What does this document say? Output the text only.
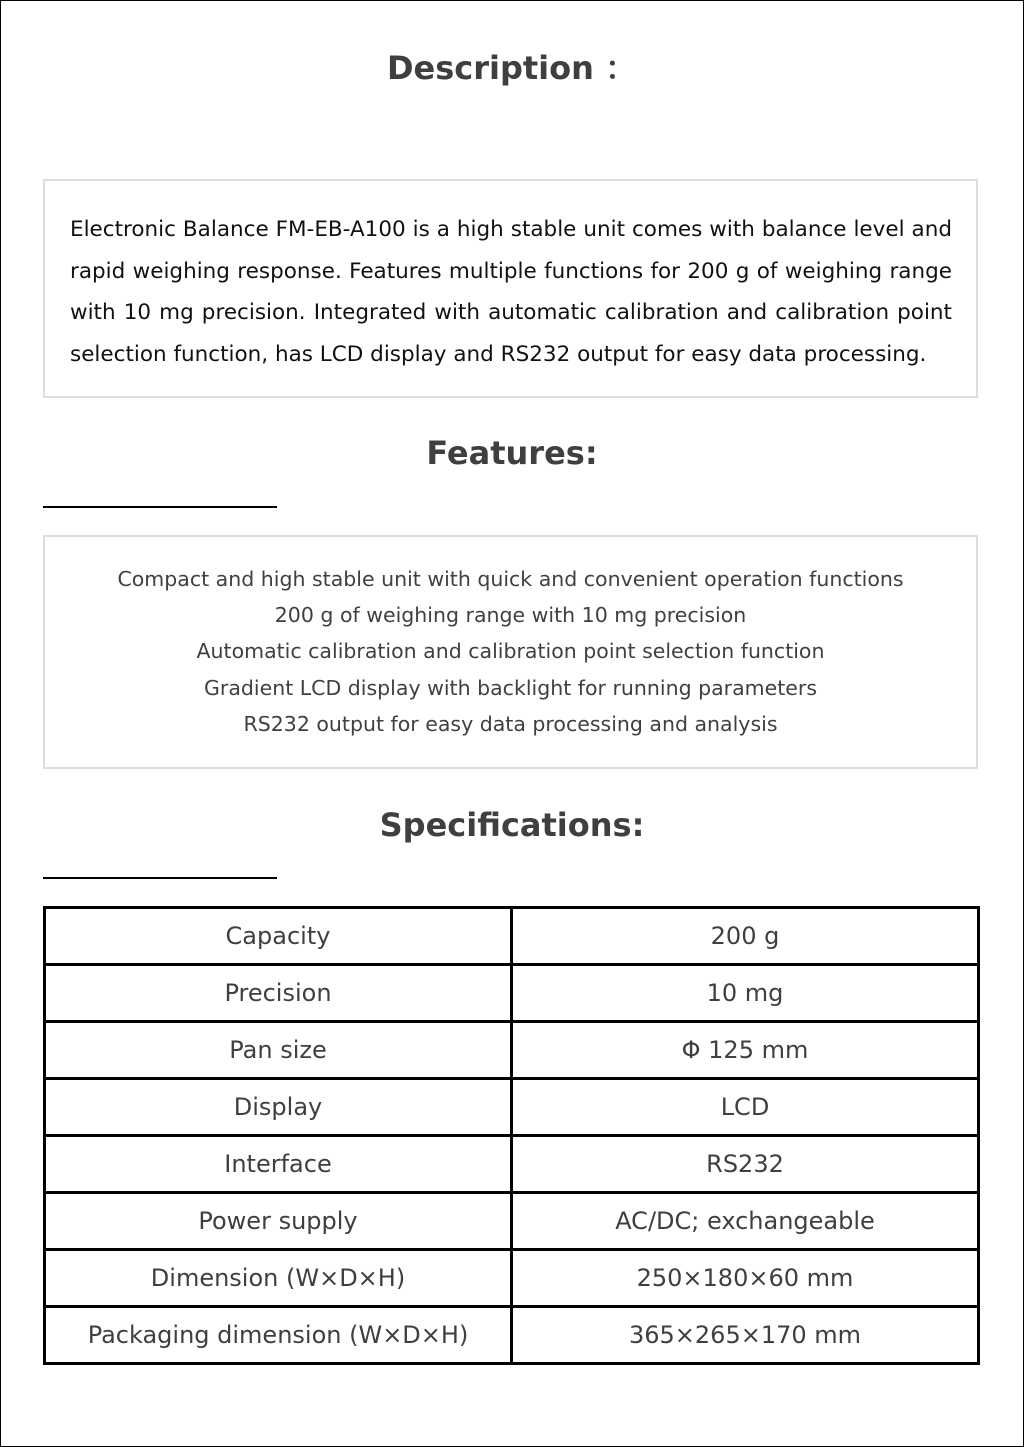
Description ：

Electronic Balance FM-EB-A100 is a high stable unit comes with balance level and rapid weighing response. Features multiple functions for 200 g of weighing range with 10 mg precision. Integrated with automatic calibration and calibration point selection function, has LCD display and RS232 output for easy data processing.

Features:
Compact and high stable unit with quick and convenient operation functions
200 g of weighing range with 10 mg precision
Automatic calibration and calibration point selection function
Gradient LCD display with backlight for running parameters
RS232 output for easy data processing and analysis
Specifications:
Capacity	200 g
Precision	10 mg
Pan size	Φ 125 mm
Display	LCD
Interface	RS232
Power supply	AC/DC; exchangeable
Dimension (W×D×H)	250×180×60 mm
Packaging dimension (W×D×H)	365×265×170 mm
